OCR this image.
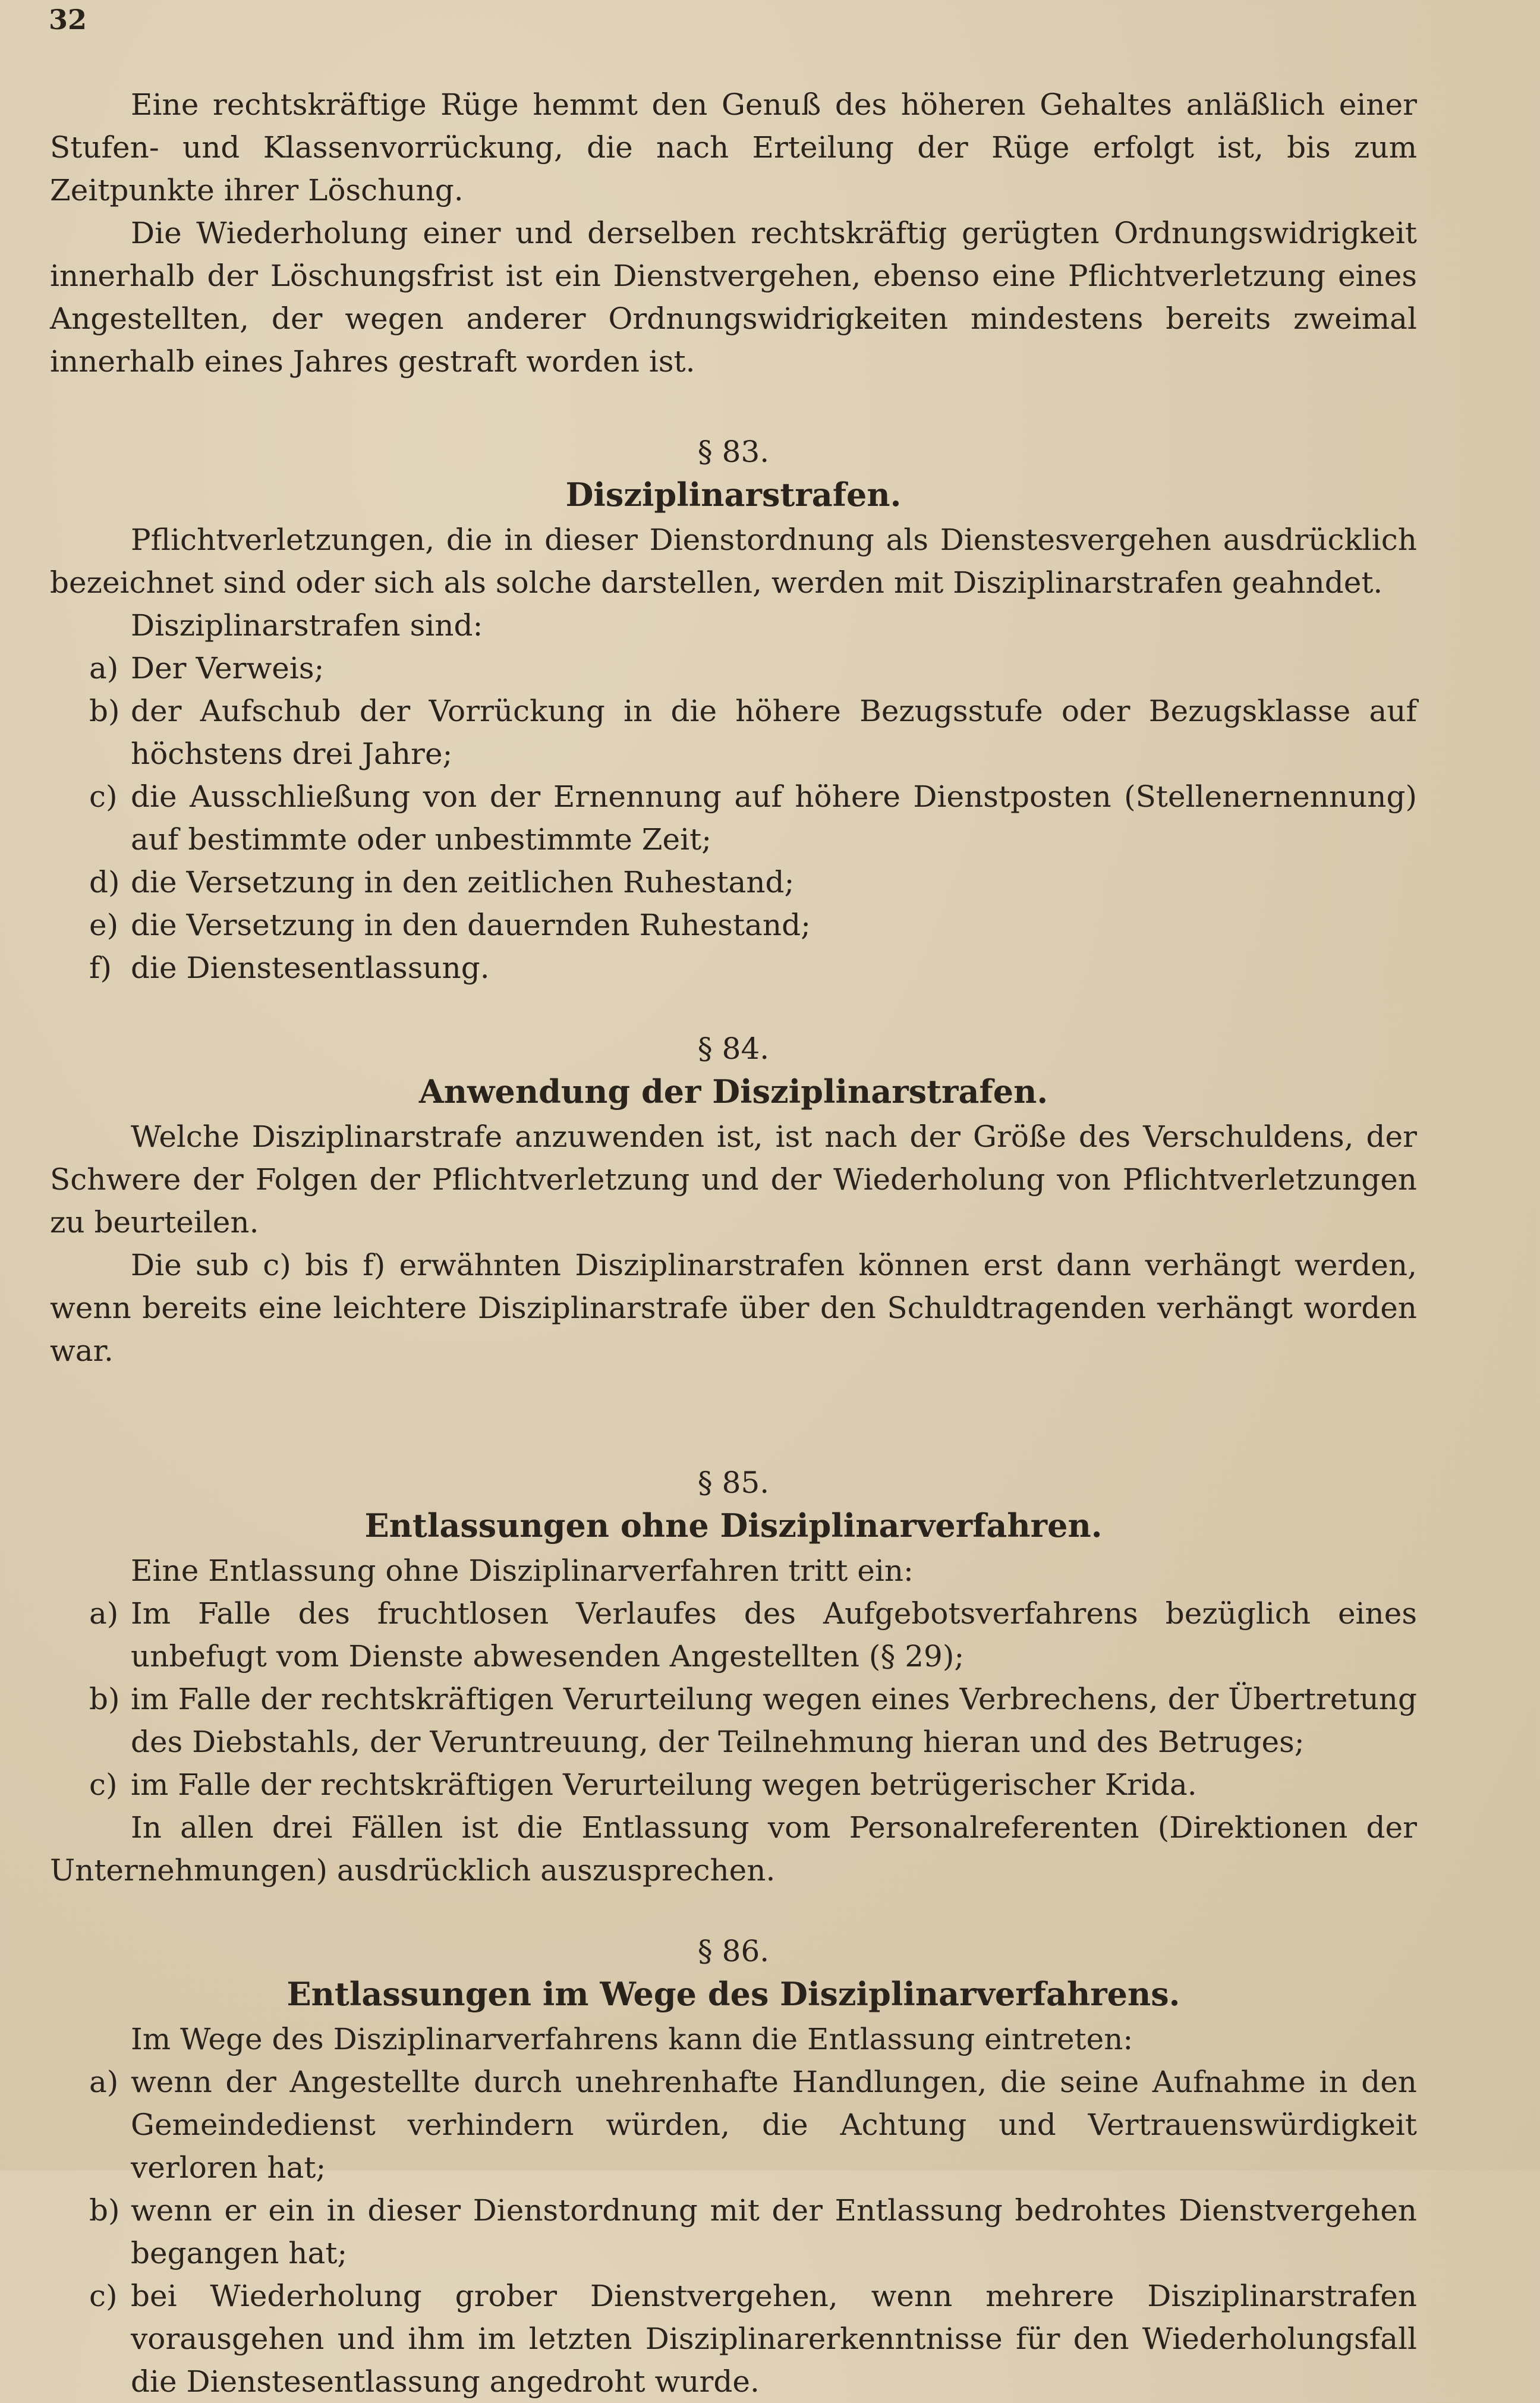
32

Eine rechtskräftige Rüge hemmt den Genuß des höheren Gehaltes anläßlich einer Stufen- und Klassenvorrückung, die nach Erteilung der Rüge erfolgt ist, bis zum Zeitpunkte ihrer Löschung.

Die Wiederholung einer und derselben rechtskräftig gerügten Ordnungswidrigkeit innerhalb der Löschungsfrist ist ein Dienstvergehen, ebenso eine Pflichtverletzung eines Angestellten, der wegen anderer Ordnungswidrigkeiten mindestens bereits zweimal innerhalb eines Jahres gestraft worden ist.

§ 83.

Disziplinarstrafen.

Pflichtverletzungen, die in dieser Dienstordnung als Dienstesvergehen ausdrücklich bezeichnet sind oder sich als solche darstellen, werden mit Disziplinarstrafen geahndet.

Disziplinarstrafen sind:

a) Der Verweis;
b) der Aufschub der Vorrückung in die höhere Bezugsstufe oder Bezugsklasse auf höchstens drei Jahre;
c) die Ausschließung von der Ernennung auf höhere Dienstposten (Stellenernennung) auf bestimmte oder unbestimmte Zeit;
d) die Versetzung in den zeitlichen Ruhestand;
e) die Versetzung in den dauernden Ruhestand;
f) die Dienstesentlassung.

§ 84.

Anwendung der Disziplinarstrafen.

Welche Disziplinarstrafe anzuwenden ist, ist nach der Größe des Verschuldens, der Schwere der Folgen der Pflichtverletzung und der Wiederholung von Pflichtverletzungen zu beurteilen.

Die sub c) bis f) erwähnten Disziplinarstrafen können erst dann verhängt werden, wenn bereits eine leichtere Disziplinarstrafe über den Schuldtragenden verhängt worden war.

§ 85.

Entlassungen ohne Disziplinarverfahren.

Eine Entlassung ohne Disziplinarverfahren tritt ein:

a) Im Falle des fruchtlosen Verlaufes des Aufgebotsverfahrens bezüglich eines unbefugt vom Dienste abwesenden Angestellten (§ 29);
b) im Falle der rechtskräftigen Verurteilung wegen eines Verbrechens, der Übertretung des Diebstahls, der Veruntreuung, der Teilnehmung hieran und des Betruges;
c) im Falle der rechtskräftigen Verurteilung wegen betrügerischer Krida.

In allen drei Fällen ist die Entlassung vom Personalreferenten (Direktionen der Unternehmungen) ausdrücklich auszusprechen.

§ 86.

Entlassungen im Wege des Disziplinarverfahrens.

Im Wege des Disziplinarverfahrens kann die Entlassung eintreten:

a) wenn der Angestellte durch unehrenhafte Handlungen, die seine Aufnahme in den Gemeindedienst verhindern würden, die Achtung und Vertrauenswürdigkeit verloren hat;
b) wenn er ein in dieser Dienstordnung mit der Entlassung bedrohtes Dienstvergehen begangen hat;
c) bei Wiederholung grober Dienstvergehen, wenn mehrere Disziplinarstrafen vorausgehen und ihm im letzten Disziplinarerkenntnisse für den Wiederholungsfall die Dienstesentlassung angedroht wurde.
